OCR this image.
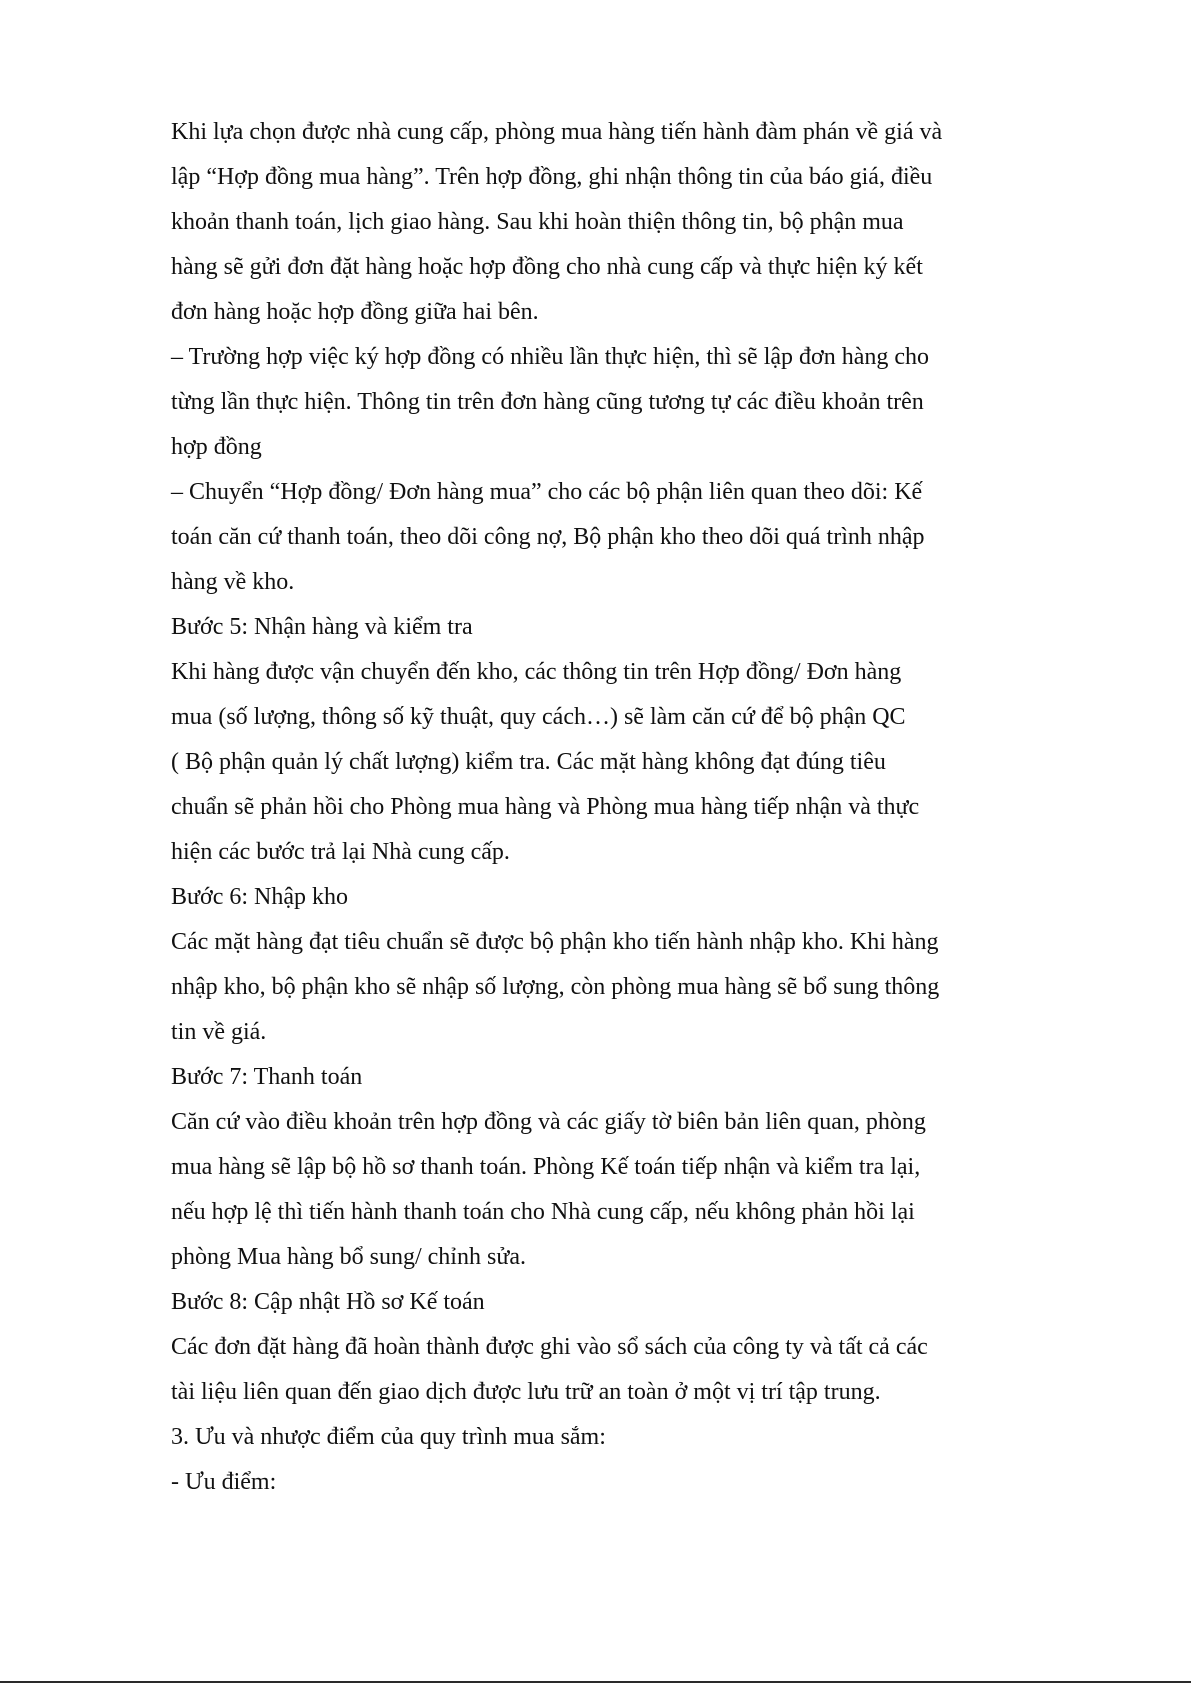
Khi lựa chọn được nhà cung cấp, phòng mua hàng tiến hành đàm phán về giá và
lập “Hợp đồng mua hàng”. Trên hợp đồng, ghi nhận thông tin của báo giá, điều
khoản thanh toán, lịch giao hàng. Sau khi hoàn thiện thông tin, bộ phận mua
hàng sẽ gửi đơn đặt hàng hoặc hợp đồng cho nhà cung cấp và thực hiện ký kết
đơn hàng hoặc hợp đồng giữa hai bên.
– Trường hợp việc ký hợp đồng có nhiều lần thực hiện, thì sẽ lập đơn hàng cho
từng lần thực hiện. Thông tin trên đơn hàng cũng tương tự các điều khoản trên
hợp đồng
– Chuyển “Hợp đồng/ Đơn hàng mua” cho các bộ phận liên quan theo dõi: Kế
toán căn cứ thanh toán, theo dõi công nợ, Bộ phận kho theo dõi quá trình nhập
hàng về kho.
Bước 5: Nhận hàng và kiểm tra
Khi hàng được vận chuyển đến kho, các thông tin trên Hợp đồng/ Đơn hàng
mua (số lượng, thông số kỹ thuật, quy cách…) sẽ làm căn cứ để bộ phận QC
( Bộ phận quản lý chất lượng) kiểm tra. Các mặt hàng không đạt đúng tiêu
chuẩn sẽ phản hồi cho Phòng mua hàng và Phòng mua hàng tiếp nhận và thực
hiện các bước trả lại Nhà cung cấp.
Bước 6: Nhập kho
Các mặt hàng đạt tiêu chuẩn sẽ được bộ phận kho tiến hành nhập kho. Khi hàng
nhập kho, bộ phận kho sẽ nhập số lượng, còn phòng mua hàng sẽ bổ sung thông
tin về giá.
Bước 7: Thanh toán
Căn cứ vào điều khoản trên hợp đồng và các giấy tờ biên bản liên quan, phòng
mua hàng sẽ lập bộ hồ sơ thanh toán. Phòng Kế toán tiếp nhận và kiểm tra lại,
nếu hợp lệ thì tiến hành thanh toán cho Nhà cung cấp, nếu không phản hồi lại
phòng Mua hàng bổ sung/ chỉnh sửa.
Bước 8: Cập nhật Hồ sơ Kế toán
Các đơn đặt hàng đã hoàn thành được ghi vào sổ sách của công ty và tất cả các
tài liệu liên quan đến giao dịch được lưu trữ an toàn ở một vị trí tập trung.
3. Ưu và nhược điểm của quy trình mua sắm:
- Ưu điểm:
